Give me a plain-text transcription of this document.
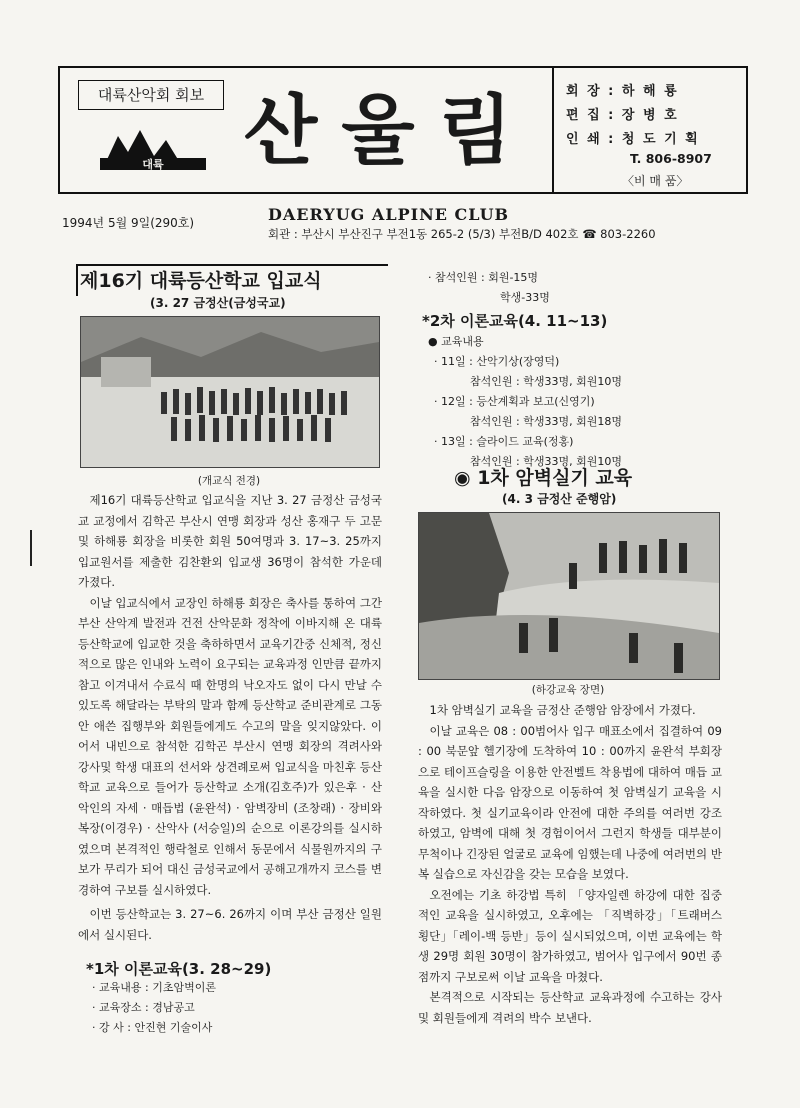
대륙산악회 회보
대륙 산울림 회 장 : 하 해 룡
편 집 : 장 병 호
인 쇄 : 청 도 기 획
T. 806-8907
〈비 매 품〉
1994년 5월 9일(290호)	DAERYUG ALPINE CLUB
회관 : 부산시 부산진구 부전1동 265-2 (5/3) 부전B/D 402호 ☎ 803-2260
제16기 대륙등산학교 입교식
(3. 27 금정산(금성국교)
(개교식 전경)
제16기 대륙등산학교 입교식을 지난 3. 27 금정산 금성국교 교정에서 김학곤 부산시 연맹 회장과 성산 홍재구 두 고문 및 하해룡 회장을 비롯한 회원 50여명과 3. 17~3. 25까지 입교원서를 제출한 김찬환외 입교생 36명이 참석한 가운데 가졌다.
이날 입교식에서 교장인 하해룡 회장은 축사를 통하여 그간 부산 산악계 발전과 건전 산악문화 정착에 이바지해 온 대륙등산학교에 입교한 것을 축하하면서 교육기간중 신체적, 정신적으로 많은 인내와 노력이 요구되는 교육과정 인만큼 끝까지 참고 이겨내서 수료식 때 한명의 낙오자도 없이 다시 만날 수 있도록 해달라는 부탁의 말과 함께 등산학교 준비관계로 그동안 애쓴 집행부와 회원들에게도 수고의 말을 잊지않았다. 이어서 내빈으로 참석한 김학곤 부산시 연맹 회장의 격려사와 강사및 학생 대표의 선서와 상견례로써 입교식을 마친후 등산학교 교육으로 들어가 등산학교 소개(김호주)가 있은후 · 산악인의 자세 · 매듭법 (윤완석) · 암벽장비 (조창래) · 장비와 복장(이경우) · 산악사 (서승일)의 순으로 이론강의를 실시하였으며 본격적인 행락철로 인해서 동문에서 식물원까지의 구보가 무리가 되어 대신 금성국교에서 공해고개까지 코스를 변경하여 구보를 실시하였다.
이번 등산학교는 3. 27~6. 26까지 이며 부산 금정산 일원에서 실시된다.
*1차 이론교육(3. 28~29)
· 교육내용 : 기초암벽이론
· 교육장소 : 경남공고
· 강 사 : 안진현 기술이사
· 참석인원 : 회원-15명
학생-33명
*2차 이론교육(4. 11~13)
● 교육내용
· 11일 : 산악기상(장영덕)
참석인원 : 학생33명, 회원10명
· 12일 : 등산계획과 보고(신영기)
참석인원 : 학생33명, 회원18명
· 13일 : 슬라이드 교육(정홍)
참석인원 : 학생33명, 회원10명
◉ 1차 암벽실기 교육
(4. 3 금정산 준행암)
(하강교육 장면)
1차 암벽실기 교육을 금정산 준행암 암장에서 가졌다.
이날 교육은 08 : 00범어사 입구 매표소에서 집결하여 09 : 00 북문앞 헬기장에 도착하여 10 : 00까지 윤완석 부회장으로 테이프슬링을 이용한 안전벨트 착용법에 대하여 매듭 교육을 실시한 다음 암장으로 이동하여 첫 암벽실기 교육을 시작하였다. 첫 실기교육이라 안전에 대한 주의를 여러번 강조하였고, 암벽에 대해 첫 경험이어서 그런지 학생들 대부분이 무척이나 긴장된 얼굴로 교육에 임했는데 나중에 여러번의 반복 실습으로 자신감을 갖는 모습을 보였다.
오전에는 기초 하강법 특히 「양자일렌 하강에 대한 집중적인 교육을 실시하였고, 오후에는 「직벽하강」「트래버스 횡단」「레이-백 등반」등이 실시되었으며, 이번 교육에는 학생 29명 회원 30명이 참가하였고, 범어사 입구에서 90번 종점까지 구보로써 이날 교육을 마쳤다.
본격적으로 시작되는 등산학교 교육과정에 수고하는 강사및 회원들에게 격려의 박수 보낸다.
